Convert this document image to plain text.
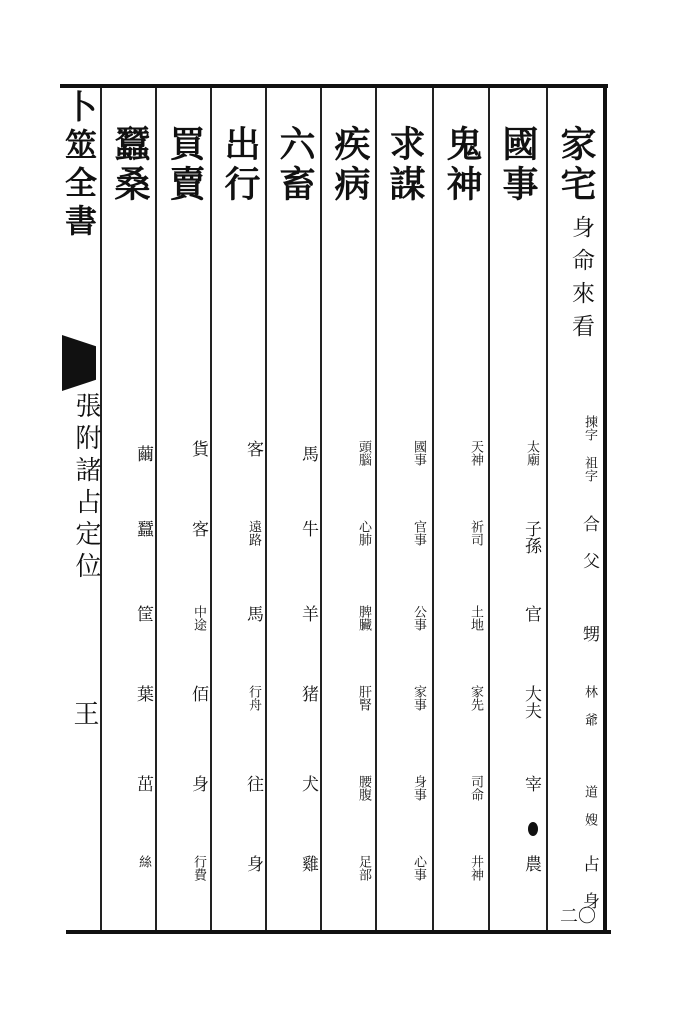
卜筮全書
張附諸占定位
王
家宅
身命來看
揀字 祖字
合 父
甥
林 爺
道 嫂
占 身
國事
太廟
子孫
官
大夫
宰
農
鬼神
天神
祈司
土地
家先
司命
井神
求謀
國事
官事
公事
家事
身事
心事
疾病
頭腦
心肺
脾臟
肝腎
腰腹
足部
六畜
馬
牛
羊
猪
犬
雞
出行
客
遠路
馬
行舟
往
身
買賣
貨
客
中途
佰
身
行費
蠶桑
繭
蠶
筐
葉
茁
絲
二〇
